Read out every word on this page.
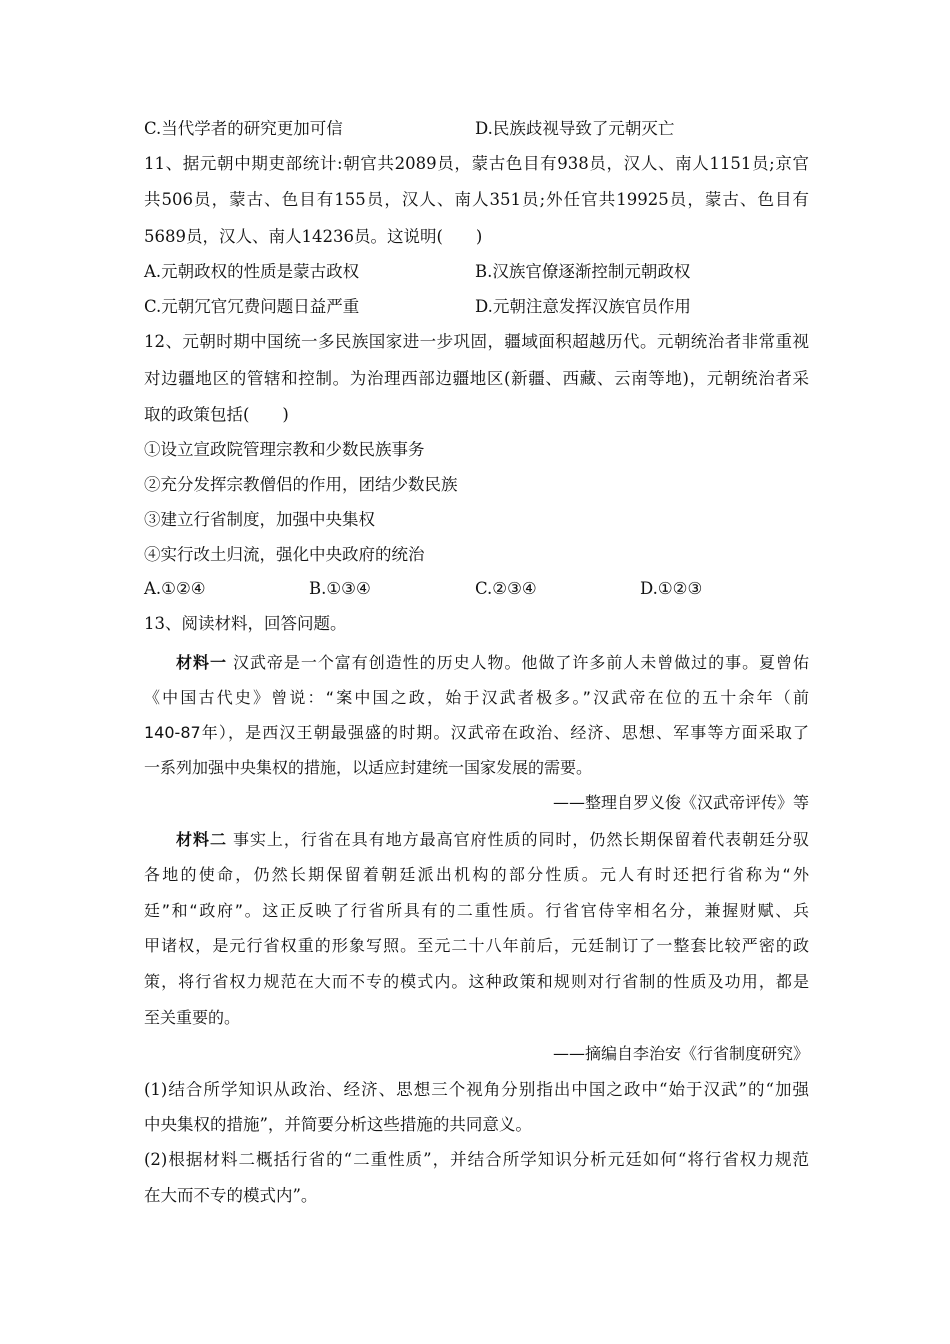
C.当代学者的研究更加可信	D.民族歧视导致了元朝灭亡
11、据元朝中期吏部统计:朝官共2089员，蒙古色目有938员，汉人、南人1151员;京官
共506员，蒙古、色目有155员，汉人、南人351员;外任官共19925员，蒙古、色目有
5689员，汉人、南人14236员。这说明(　　)
A.元朝政权的性质是蒙古政权	B.汉族官僚逐渐控制元朝政权
C.元朝冗官冗费问题日益严重	D.元朝注意发挥汉族官员作用
12、元朝时期中国统一多民族国家进一步巩固，疆域面积超越历代。元朝统治者非常重视
对边疆地区的管辖和控制。为治理西部边疆地区(新疆、西藏、云南等地)，元朝统治者采
取的政策包括(　　)
①设立宣政院管理宗教和少数民族事务
②充分发挥宗教僧侣的作用，团结少数民族
③建立行省制度，加强中央集权
④实行改土归流，强化中央政府的统治
A.①②④	B.①③④	C.②③④	D.①②③
13、阅读材料，回答问题。
材料一 汉武帝是一个富有创造性的历史人物。他做了许多前人未曾做过的事。夏曾佑
《中国古代史》曾说：“案中国之政，始于汉武者极多。”汉武帝在位的五十余年（前
140-87年），是西汉王朝最强盛的时期。汉武帝在政治、经济、思想、军事等方面采取了
一系列加强中央集权的措施，以适应封建统一国家发展的需要。
——整理自罗义俊《汉武帝评传》等
材料二 事实上，行省在具有地方最高官府性质的同时，仍然长期保留着代表朝廷分驭
各地的使命，仍然长期保留着朝廷派出机构的部分性质。元人有时还把行省称为“外
廷”和“政府”。这正反映了行省所具有的二重性质。行省官侍宰相名分，兼握财赋、兵
甲诸权，是元行省权重的形象写照。至元二十八年前后，元廷制订了一整套比较严密的政
策，将行省权力规范在大而不专的模式内。这种政策和规则对行省制的性质及功用，都是
至关重要的。
——摘编自李治安《行省制度研究》
(1)结合所学知识从政治、经济、思想三个视角分别指出中国之政中“始于汉武”的“加强
中央集权的措施”，并简要分析这些措施的共同意义。
(2)根据材料二概括行省的“二重性质”，并结合所学知识分析元廷如何“将行省权力规范
在大而不专的模式内”。
